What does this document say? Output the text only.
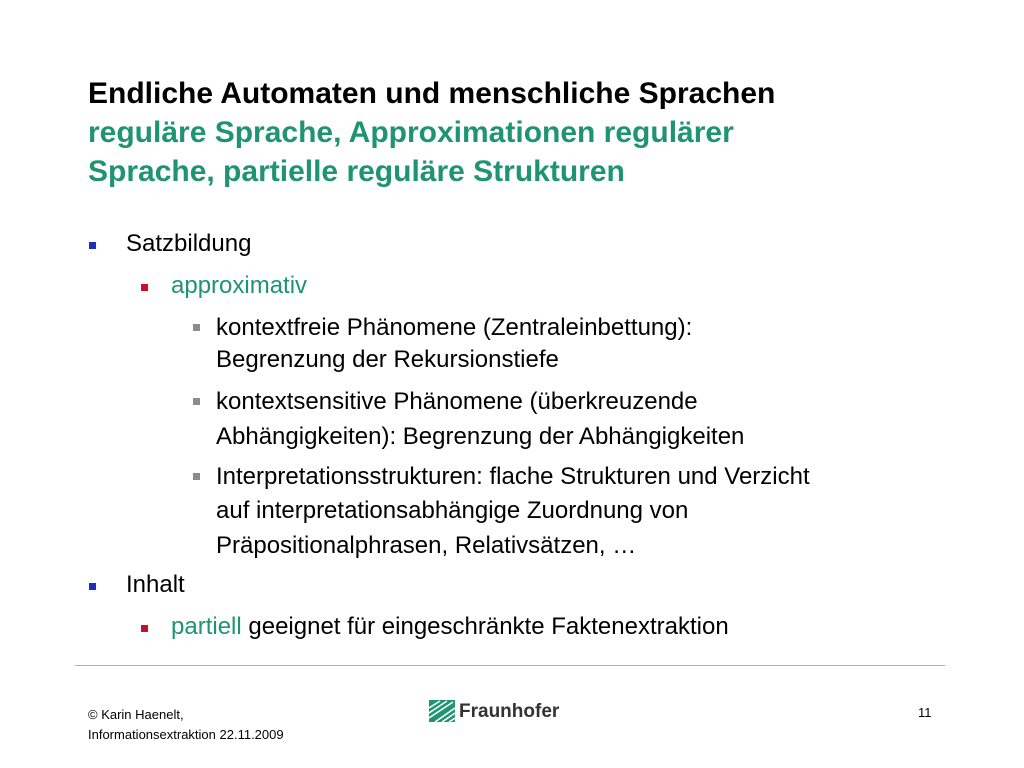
Endliche Automaten und menschliche Sprachen
reguläre Sprache, Approximationen regulärer
Sprache, partielle reguläre Strukturen
Satzbildung
approximativ
kontextfreie Phänomene (Zentraleinbettung):
Begrenzung der Rekursionstiefe
kontextsensitive Phänomene (überkreuzende
Abhängigkeiten): Begrenzung der Abhängigkeiten
Interpretationsstrukturen: flache Strukturen und Verzicht
auf interpretationsabhängige Zuordnung von
Präpositionalphrasen, Relativsätzen, …
Inhalt
partiell geeignet für eingeschränkte Faktenextraktion
© Karin Haenelt,
Informationsextraktion 22.11.2009
Fraunhofer	11
